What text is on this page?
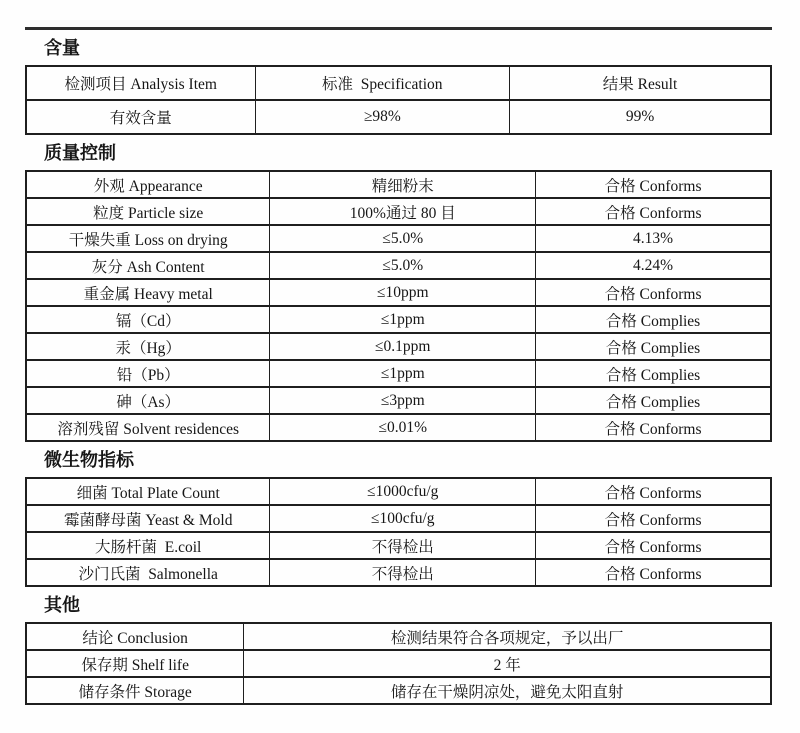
含量
检测项目 Analysis Item	标准  Specification	结果 Result
有效含量	≥98%	99%
质量控制
外观 Appearance	精细粉末	合格 Conforms
粒度 Particle size	100%通过 80 目	合格 Conforms
干燥失重 Loss on drying	≤5.0%	4.13%
灰分 Ash Content	≤5.0%	4.24%
重金属 Heavy metal	≤10ppm	合格 Conforms
镉（Cd）	≤1ppm	合格 Complies
汞（Hg）	≤0.1ppm	合格 Complies
铅（Pb）	≤1ppm	合格 Complies
砷（As）	≤3ppm	合格 Complies
溶剂残留 Solvent residences	≤0.01%	合格 Conforms
微生物指标
细菌 Total Plate Count	≤1000cfu/g	合格 Conforms
霉菌酵母菌 Yeast & Mold	≤100cfu/g	合格 Conforms
大肠杆菌  E.coil	不得检出	合格 Conforms
沙门氏菌  Salmonella	不得检出	合格 Conforms
其他
结论 Conclusion	检测结果符合各项规定，予以出厂
保存期 Shelf life	2 年
储存条件 Storage	储存在干燥阴凉处，避免太阳直射
